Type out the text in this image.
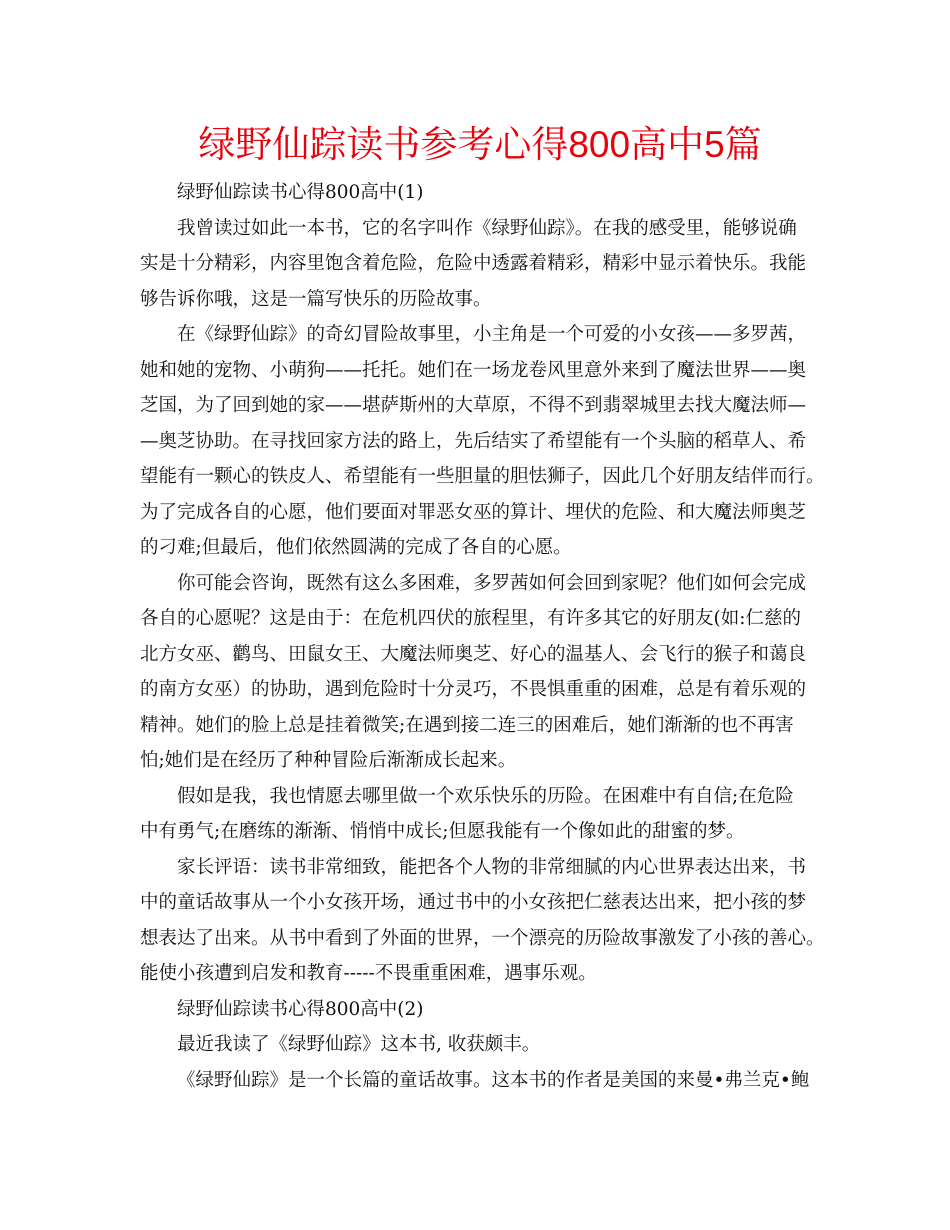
绿野仙踪读书参考心得800高中5篇
绿野仙踪读书心得800高中(1)
我曾读过如此一本书，它的名字叫作《绿野仙踪》。在我的感受里，能够说确
实是十分精彩，内容里饱含着危险，危险中透露着精彩，精彩中显示着快乐。我能
够告诉你哦，这是一篇写快乐的历险故事。
在《绿野仙踪》的奇幻冒险故事里，小主角是一个可爱的小女孩——多罗茜，
她和她的宠物、小萌狗——托托。她们在一场龙卷风里意外来到了魔法世界——奥
芝国，为了回到她的家——堪萨斯州的大草原，不得不到翡翠城里去找大魔法师—
—奥芝协助。在寻找回家方法的路上，先后结实了希望能有一个头脑的稻草人、希
望能有一颗心的铁皮人、希望能有一些胆量的胆怯狮子，因此几个好朋友结伴而行。
为了完成各自的心愿，他们要面对罪恶女巫的算计、埋伏的危险、和大魔法师奥芝
的刁难;但最后，他们依然圆满的完成了各自的心愿。
你可能会咨询，既然有这么多困难，多罗茜如何会回到家呢？他们如何会完成
各自的心愿呢？这是由于：在危机四伏的旅程里，有许多其它的好朋友(如:仁慈的
北方女巫、鹳鸟、田鼠女王、大魔法师奥芝、好心的温基人、会飞行的猴子和蔼良
的南方女巫）的协助，遇到危险时十分灵巧，不畏惧重重的困难，总是有着乐观的
精神。她们的脸上总是挂着微笑;在遇到接二连三的困难后，她们渐渐的也不再害
怕;她们是在经历了种种冒险后渐渐成长起来。
假如是我，我也情愿去哪里做一个欢乐快乐的历险。在困难中有自信;在危险
中有勇气;在磨练的渐渐、悄悄中成长;但愿我能有一个像如此的甜蜜的梦。
家长评语：读书非常细致，能把各个人物的非常细腻的内心世界表达出来，书
中的童话故事从一个小女孩开场，通过书中的小女孩把仁慈表达出来，把小孩的梦
想表达了出来。从书中看到了外面的世界，一个漂亮的历险故事激发了小孩的善心。
能使小孩遭到启发和教育-----不畏重重困难，遇事乐观。
绿野仙踪读书心得800高中(2)
最近我读了《绿野仙踪》这本书, 收获颇丰。
《绿野仙踪》是一个长篇的童话故事。这本书的作者是美国的来曼•弗兰克•鲍
